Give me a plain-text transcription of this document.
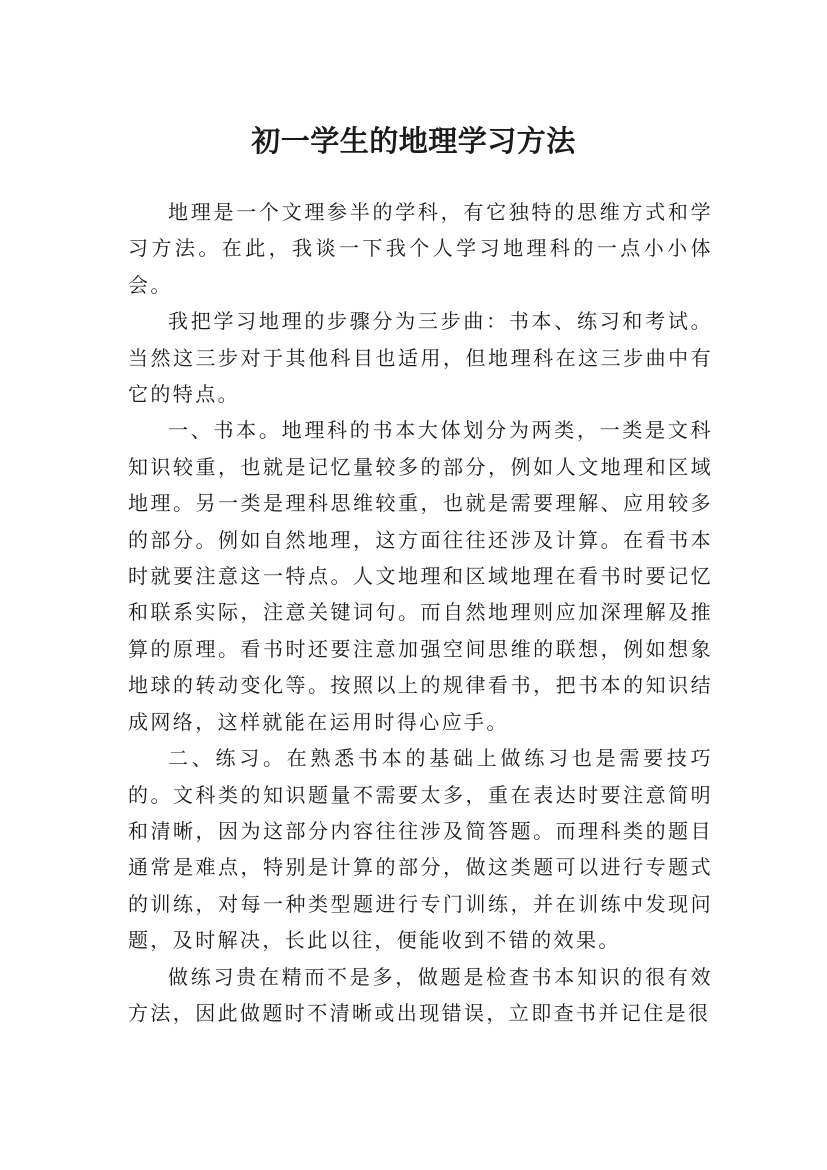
初一学生的地理学习方法

地理是一个文理参半的学科，有它独特的思维方式和学习方法。在此，我谈一下我个人学习地理科的一点小小体会。

我把学习地理的步骤分为三步曲：书本、练习和考试。当然这三步对于其他科目也适用，但地理科在这三步曲中有它的特点。

一、书本。地理科的书本大体划分为两类，一类是文科知识较重，也就是记忆量较多的部分，例如人文地理和区域地理。另一类是理科思维较重，也就是需要理解、应用较多的部分。例如自然地理，这方面往往还涉及计算。在看书本时就要注意这一特点。人文地理和区域地理在看书时要记忆和联系实际，注意关键词句。而自然地理则应加深理解及推算的原理。看书时还要注意加强空间思维的联想，例如想象地球的转动变化等。按照以上的规律看书，把书本的知识结成网络，这样就能在运用时得心应手。

二、练习。在熟悉书本的基础上做练习也是需要技巧的。文科类的知识题量不需要太多，重在表达时要注意简明和清晰，因为这部分内容往往涉及简答题。而理科类的题目通常是难点，特别是计算的部分，做这类题可以进行专题式的训练，对每一种类型题进行专门训练，并在训练中发现问题，及时解决，长此以往，便能收到不错的效果。

做练习贵在精而不是多，做题是检查书本知识的很有效方法，因此做题时不清晰或出现错误，立即查书并记住是很
